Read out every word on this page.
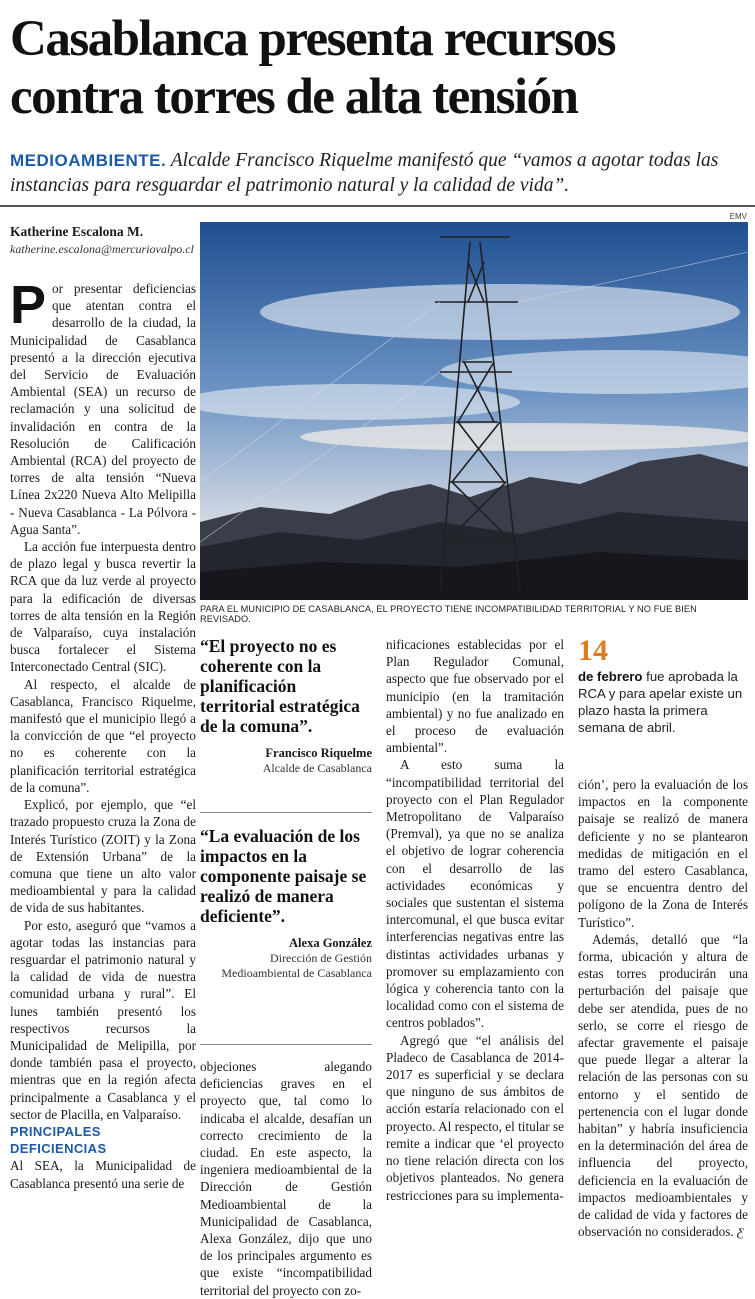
Casablanca presenta recursos contra torres de alta tensión
MEDIOAMBIENTE. Alcalde Francisco Riquelme manifestó que “vamos a agotar todas las instancias para resguardar el patrimonio natural y la calidad de vida”.
Katherine Escalona M.
katherine.escalona@mercuriovalpo.cl
EMV
PARA EL MUNICIPIO DE CASABLANCA, EL PROYECTO TIENE INCOMPATIBILIDAD TERRITORIAL Y NO FUE BIEN REVISADO.

Por presentar deficiencias que atentan contra el desarrollo de la ciudad, la Municipalidad de Casablanca presentó a la dirección ejecutiva del Servicio de Evaluación Ambiental (SEA) un recurso de reclamación y una solicitud de invalidación en contra de la Resolución de Calificación Ambiental (RCA) del proyecto de torres de alta tensión “Nueva Línea 2x220 Nueva Alto Melipilla - Nueva Casablanca - La Pólvora - Agua Santa”.

La acción fue interpuesta dentro de plazo legal y busca revertir la RCA que da luz verde al proyecto para la edificación de diversas torres de alta tensión en la Región de Valparaíso, cuya instalación busca fortalecer el Sistema Interconectado Central (SIC).

Al respecto, el alcalde de Casablanca, Francisco Riquelme, manifestó que el municipio llegó a la convicción de que “el proyecto no es coherente con la planificación territorial estratégica de la comuna”.

Explicó, por ejemplo, que “el trazado propuesto cruza la Zona de Interés Turístico (ZOIT) y la Zona de Extensión Urbana” de la comuna que tiene un alto valor medioambiental y para la calidad de vida de sus habitantes.

Por esto, aseguró que “vamos a agotar todas las instancias para resguardar el patrimonio natural y la calidad de vida de nuestra comunidad urbana y rural”. El lunes también presentó los respectivos recursos la Municipalidad de Melipilla, por donde también pasa el proyecto, mientras que en la región afecta principalmente a Casablanca y el sector de Placilla, en Valparaíso.

PRINCIPALES DEFICIENCIAS

Al SEA, la Municipalidad de Casablanca presentó una serie de

“El proyecto no es coherente con la planificación territorial estratégica de la comuna”.
Francisco Riquelme
Alcalde de Casablanca
“La evaluación de los impactos en la componente paisaje se realizó de manera deficiente”.
Alexa González
Dirección de Gestión Medioambiental de Casablanca

objeciones alegando deficiencias graves en el proyecto que, tal como lo indicaba el alcalde, desafían un correcto crecimiento de la ciudad. En este aspecto, la ingeniera medioambiental de la Dirección de Gestión Medioambiental de la Municipalidad de Casablanca, Alexa González, dijo que uno de los principales argumento es que existe “incompatibilidad territorial del proyecto con zo-

nificaciones establecidas por el Plan Regulador Comunal, aspecto que fue observado por el municipio (en la tramitación ambiental) y no fue analizado en el proceso de evaluación ambiental”.

A esto suma la “incompatibilidad territorial del proyecto con el Plan Regulador Metropolitano de Valparaíso (Premval), ya que no se analiza el objetivo de lograr coherencia con el desarrollo de las actividades económicas y sociales que sustentan el sistema intercomunal, el que busca evitar interferencias negativas entre las distintas actividades urbanas y promover su emplazamiento con lógica y coherencia tanto con la localidad como con el sistema de centros poblados”.

Agregó que “el análisis del Pladeco de Casablanca de 2014-2017 es superficial y se declara que ninguno de sus ámbitos de acción estaría relacionado con el proyecto. Al respecto, el titular se remite a indicar que ‘el proyecto no tiene relación directa con los objetivos planteados. No genera restricciones para su implementa-

14
de febrero fue aprobada la RCA y para apelar existe un plazo hasta la primera semana de abril.

ción’, pero la evaluación de los impactos en la componente paisaje se realizó de manera deficiente y no se plantearon medidas de mitigación en el tramo del estero Casablanca, que se encuentra dentro del polígono de la Zona de Interés Turístico”.

Además, detalló que “la forma, ubicación y altura de estas torres producirán una perturbación del paisaje que debe ser atendida, pues de no serlo, se corre el riesgo de afectar gravemente el paisaje que puede llegar a alterar la relación de las personas con su entorno y el sentido de pertenencia con el lugar donde habitan” y habría insuficiencia en la determinación del área de influencia del proyecto, deficiencia en la evaluación de impactos medioambientales y de calidad de vida y factores de observación no considerados. Ƹ
